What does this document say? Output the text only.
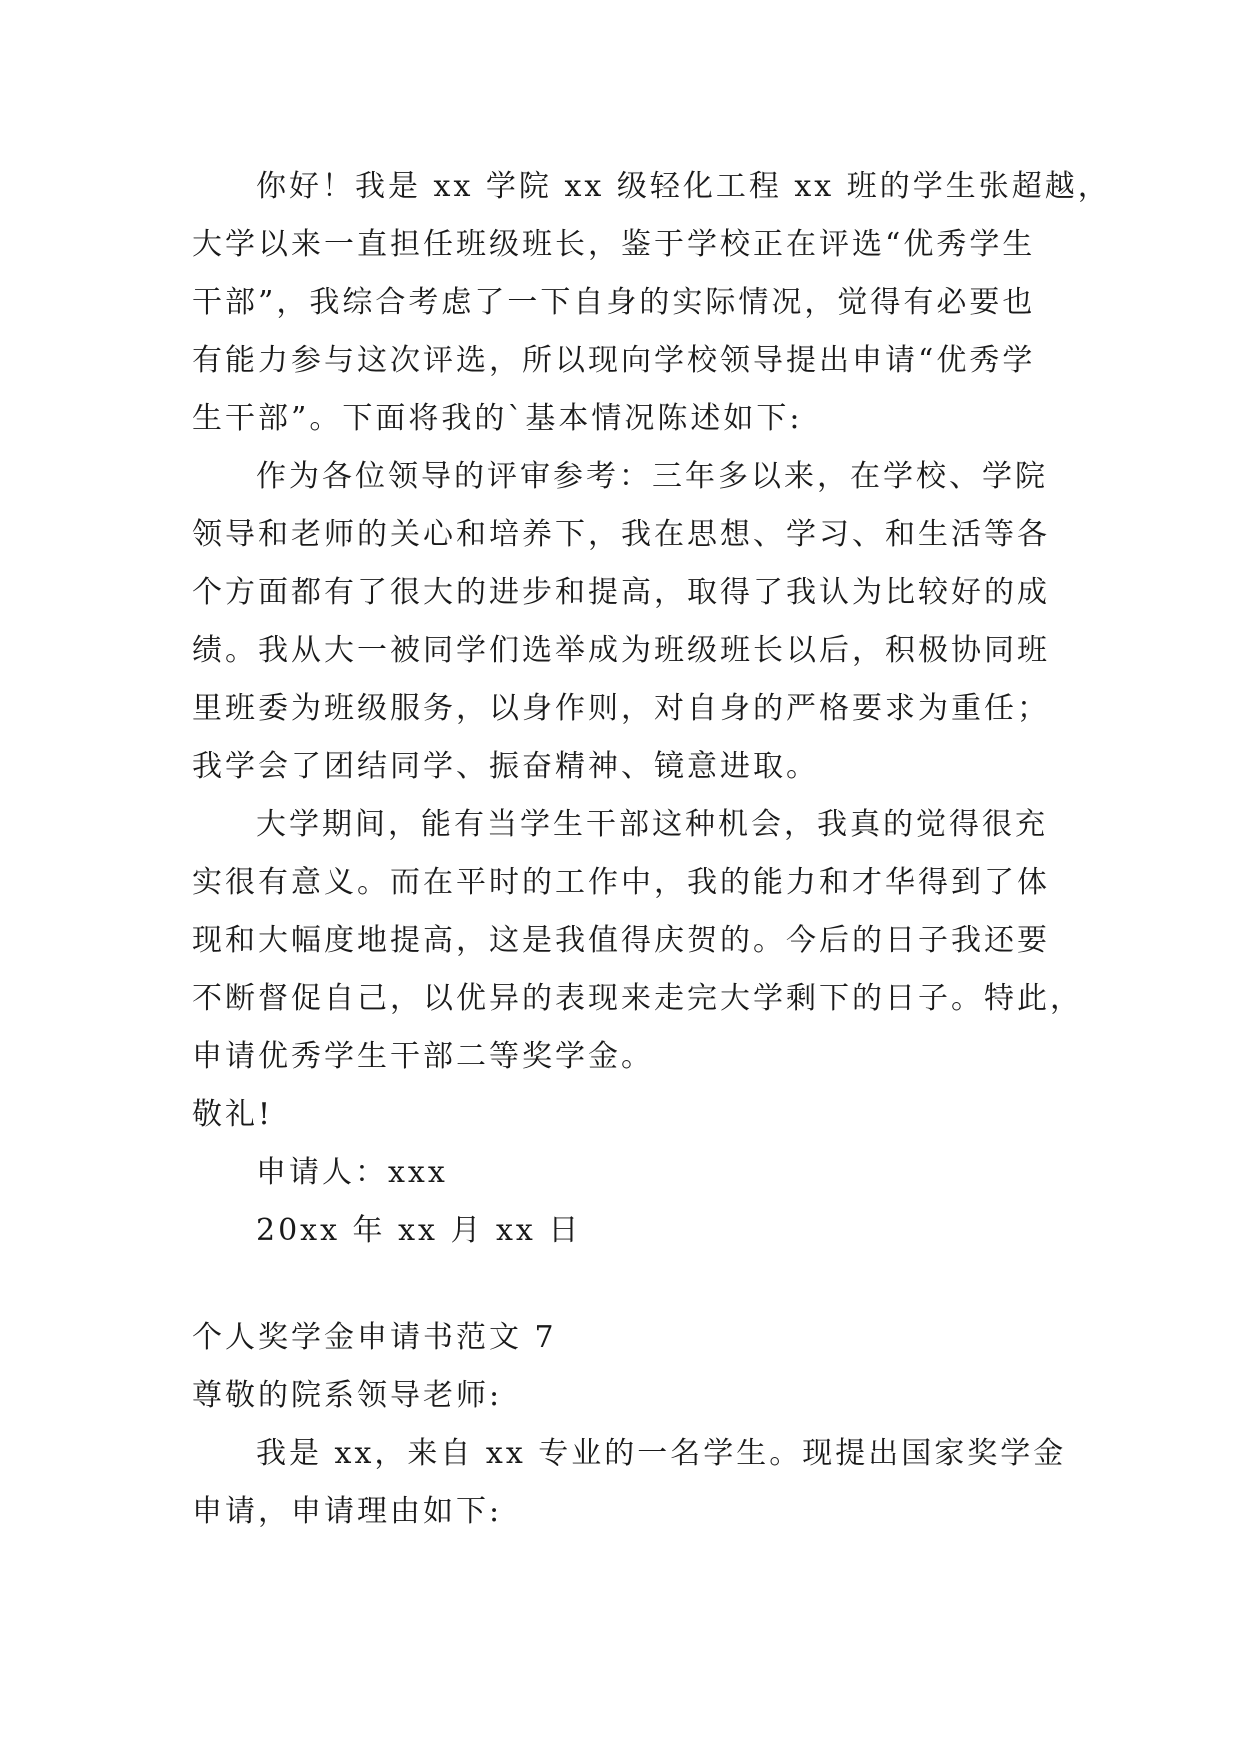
你好！我是 xx 学院 xx 级轻化工程 xx 班的学生张超越，
大学以来一直担任班级班长，鉴于学校正在评选“优秀学生
干部”，我综合考虑了一下自身的实际情况，觉得有必要也
有能力参与这次评选，所以现向学校领导提出申请“优秀学
生干部”。下面将我的`基本情况陈述如下:
作为各位领导的评审参考：三年多以来，在学校、学院
领导和老师的关心和培养下，我在思想、学习、和生活等各
个方面都有了很大的进步和提高，取得了我认为比较好的成
绩。我从大一被同学们选举成为班级班长以后，积极协同班
里班委为班级服务，以身作则，对自身的严格要求为重任；
我学会了团结同学、振奋精神、镜意进取。
大学期间，能有当学生干部这种机会，我真的觉得很充
实很有意义。而在平时的工作中，我的能力和才华得到了体
现和大幅度地提高，这是我值得庆贺的。今后的日子我还要
不断督促自己，以优异的表现来走完大学剩下的日子。特此，
申请优秀学生干部二等奖学金。
敬礼!
申请人：xxx
20xx 年 xx 月 xx 日
个人奖学金申请书范文 7
尊敬的院系领导老师:
我是 xx，来自 xx 专业的一名学生。现提出国家奖学金
申请，申请理由如下:
